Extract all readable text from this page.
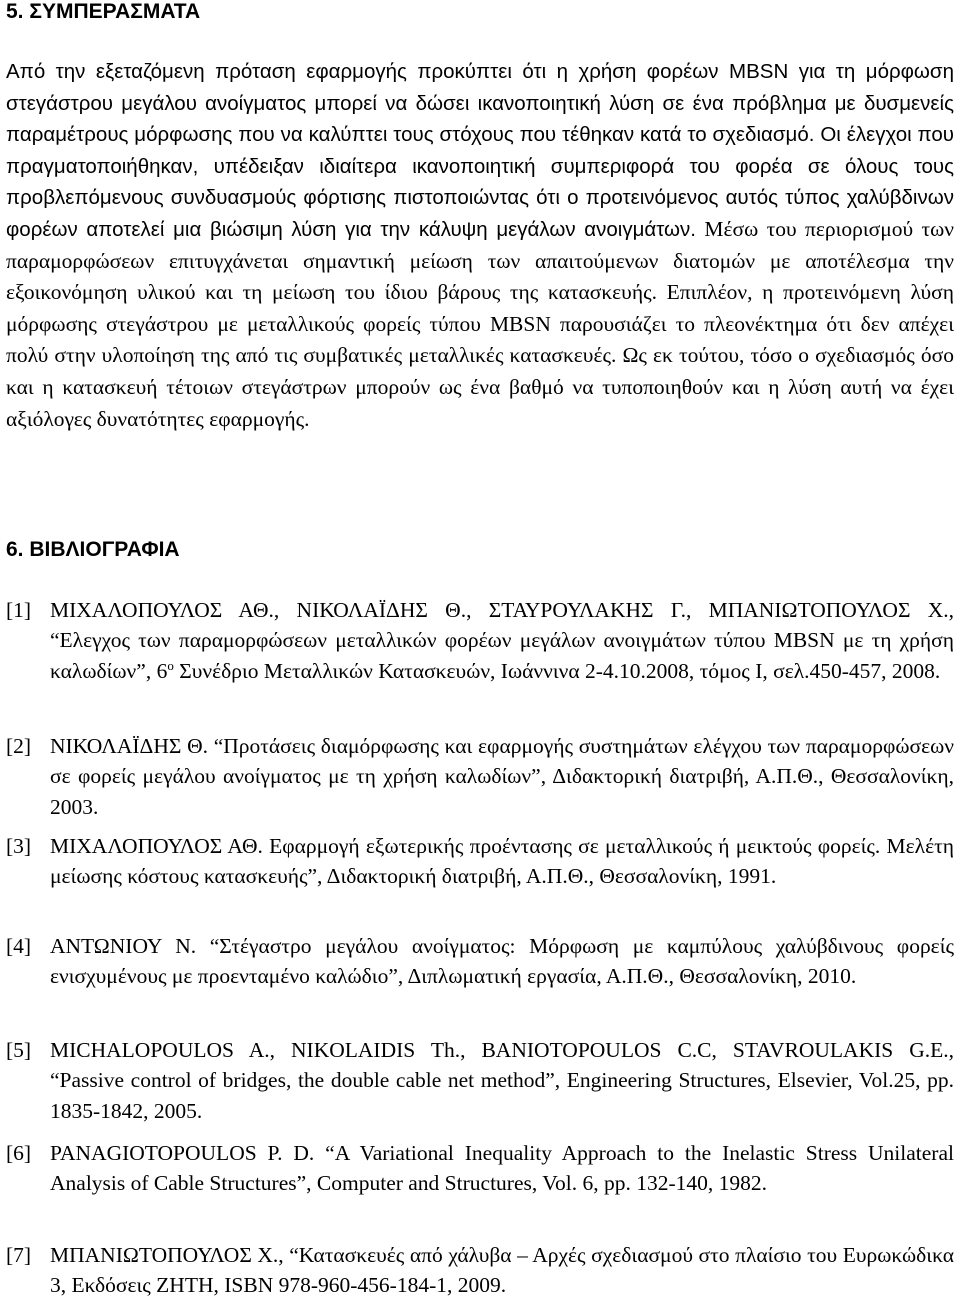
5. ΣΥΜΠΕΡΑΣΜΑΤΑ

Από την εξεταζόμενη πρόταση εφαρμογής προκύπτει ότι η χρήση φορέων MBSN για τη μόρφωση στεγάστρου μεγάλου ανοίγματος μπορεί να δώσει ικανοποιητική λύση σε ένα πρόβλημα με δυσμενείς παραμέτρους μόρφωσης που να καλύπτει τους στόχους που τέθηκαν κατά το σχεδιασμό. Οι έλεγχοι που πραγματοποιήθηκαν, υπέδειξαν ιδιαίτερα ικανοποιητική συμπεριφορά του φορέα σε όλους τους προβλεπόμενους συνδυασμούς φόρτισης πιστοποιώντας ότι ο προτεινόμενος αυτός τύπος χαλύβδινων φορέων αποτελεί μια βιώσιμη λύση για την κάλυψη μεγάλων ανοιγμάτων. Μέσω του περιορισμού των παραμορφώσεων επιτυγχάνεται σημαντική μείωση των απαιτούμενων διατομών με αποτέλεσμα την εξοικονόμηση υλικού και τη μείωση του ίδιου βάρους της κατασκευής. Επιπλέον, η προτεινόμενη λύση μόρφωσης στεγάστρου με μεταλλικούς φορείς τύπου MBSN παρουσιάζει το πλεονέκτημα ότι δεν απέχει πολύ στην υλοποίηση της από τις συμβατικές μεταλλικές κατασκευές. Ως εκ τούτου, τόσο ο σχεδιασμός όσο και η κατασκευή τέτοιων στεγάστρων μπορούν ως ένα βαθμό να τυποποιηθούν και η λύση αυτή να έχει αξιόλογες δυνατότητες εφαρμογής.

6. ΒΙΒΛΙΟΓΡΑΦΙΑ
[1] ΜΙΧΑΛΟΠΟΥΛΟΣ ΑΘ., ΝΙΚΟΛΑΪΔΗΣ Θ., ΣΤΑΥΡΟΥΛΑΚΗΣ Γ., ΜΠΑΝΙΩΤΟΠΟΥΛΟΣ Χ., “Ελεγχος των παραμορφώσεων μεταλλικών φορέων μεγάλων ανοιγμάτων τύπου MBSN με τη χρήση καλωδίων”, $6^o$ Συνέδριο Μεταλλικών Κατασκευών, Ιωάννινα 2-4.10.2008, τόμος Ι, σελ.450-457, 2008.
[2] ΝΙΚΟΛΑΪΔΗΣ Θ. “Προτάσεις διαμόρφωσης και εφαρμογής συστημάτων ελέγχου των παραμορφώσεων σε φορείς μεγάλου ανοίγματος με τη χρήση καλωδίων”, Διδακτορική διατριβή, Α.Π.Θ., Θεσσαλονίκη, 2003.
[3] ΜΙΧΑΛΟΠΟΥΛΟΣ ΑΘ. Εφαρμογή εξωτερικής προέντασης σε μεταλλικούς ή μεικτούς φορείς. Μελέτη μείωσης κόστους κατασκευής”, Διδακτορική διατριβή, Α.Π.Θ., Θεσσαλονίκη, 1991.
[4] ΑΝΤΩΝΙΟΥ Ν. “Στέγαστρο μεγάλου ανοίγματος: Μόρφωση με καμπύλους χαλύβδινους φορείς ενισχυμένους με προενταμένο καλώδιο”, Διπλωματική εργασία, Α.Π.Θ., Θεσσαλονίκη, 2010.
[5] MICHALOPOULOS A., NIKOLAIDIS Th., BANIOTOPOULOS C.C, STAVROULAKIS G.E., “Passive control of bridges, the double cable net method”, Engineering Structures, Elsevier, Vol.25, pp. 1835-1842, 2005.
[6] PANAGIOTOPOULOS P. D. “A Variational Inequality Approach to the Inelastic Stress Unilateral Analysis of Cable Structures”, Computer and Structures, Vol. 6, pp. 132-140, 1982.
[7] ΜΠΑΝΙΩΤΟΠΟΥΛΟΣ Χ., “Κατασκευές από χάλυβα – Αρχές σχεδιασμού στο πλαίσιο του Ευρωκώδικα 3, Εκδόσεις ΖΗΤΗ, ISBN 978-960-456-184-1, 2009.
